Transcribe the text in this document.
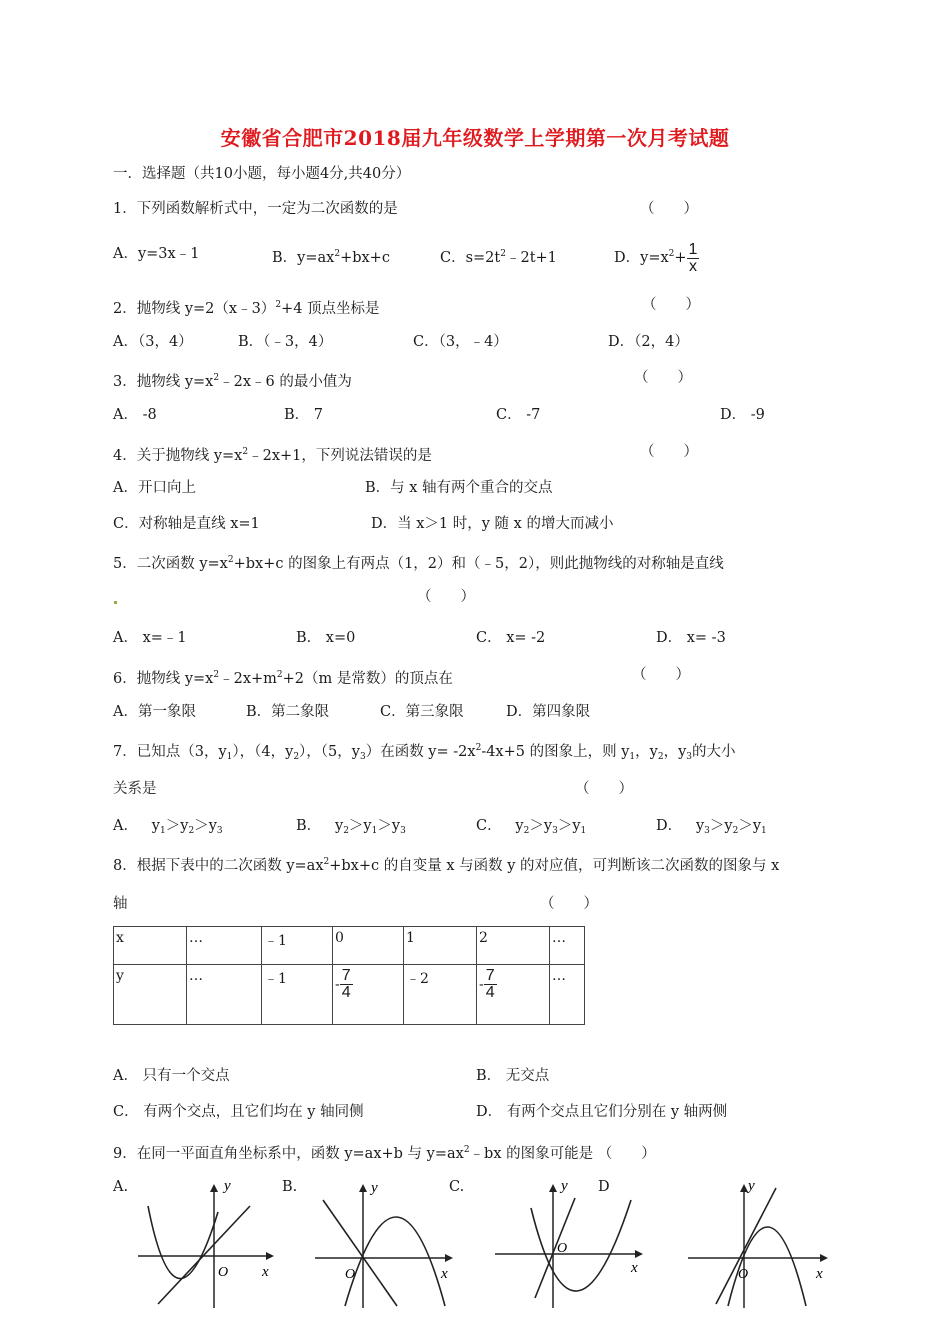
安徽省合肥市2018届九年级数学上学期第一次月考试题
一．选择题（共10小题，每小题4分,共40分）
1．下列函数解析式中，一定为二次函数的是	（　　）
A．y=3x﹣1	B．$y=ax^2+bx+c$	C．$s=2t^2﹣2t+1$	D．$y=x^2+ \frac{1}{x}$
2．抛物线 y=2（x﹣3）$^2$+4 顶点坐标是	（　　）
A．（3，4）	B．（﹣3，4）	C．（3，﹣4）	D．（2，4）
3．抛物线 $y=x^2﹣2x﹣6$ 的最小值为	（　　）
A． -8	B． 7	C． -7	D． -9
4．关于抛物线 $y=x^2﹣2x+1$，下列说法错误的是	（　　）
A．开口向上	B．与 x 轴有两个重合的交点
C．对称轴是直线 x=1	D．当 x＞1 时，y 随 x 的增大而减小
5．二次函数 $y=x^2+bx+c$ 的图象上有两点（1，2）和（﹣5，2），则此抛物线的对称轴是直线
（　　）
A． x=﹣1	B． x=0	C． x= -2	D． x= -3
6．抛物线 $y=x^2﹣2x+m^2+2(m$ 是常数）的顶点在	（　　）
A．第一象限	B．第二象限	C．第三象限	D．第四象限
7．已知点（3，$y_1$），（4，$y_2$），（5，$y_3$）在函数 $y= -2x^2-4x+5$ 的图象上，则 $y_1$，$y_2$，$y_3$的大小
关系是	（　　）
A．   $y_1>y_2>y_3$	B．   $y_2>y_1>y_3$	C．   $y_2>y_3>y_1$	D．   $y_3>y_2>y_1$
8．根据下表中的二次函数 $y=ax^2+bx+c$ 的自变量 x 与函数 y 的对应值，可判断该二次函数的图象与 x
轴	（　　）
x	…	﹣1	0	1	2	…
y	…	﹣1	- $\frac{7}{4}$	﹣2	- $\frac{7}{4}$	…
A． 只有一个交点	B． 无交点
C． 有两个交点，且它们均在 y 轴同侧	D． 有两个交点且它们分别在 y 轴两侧
9．在同一平面直角坐标系中，函数 y=ax+b 与 $y=ax^2﹣bx$ 的图象可能是 （　　）
A.	B.	C.	D
y
x
O
y
x
O
y
x
O
y
x
O
